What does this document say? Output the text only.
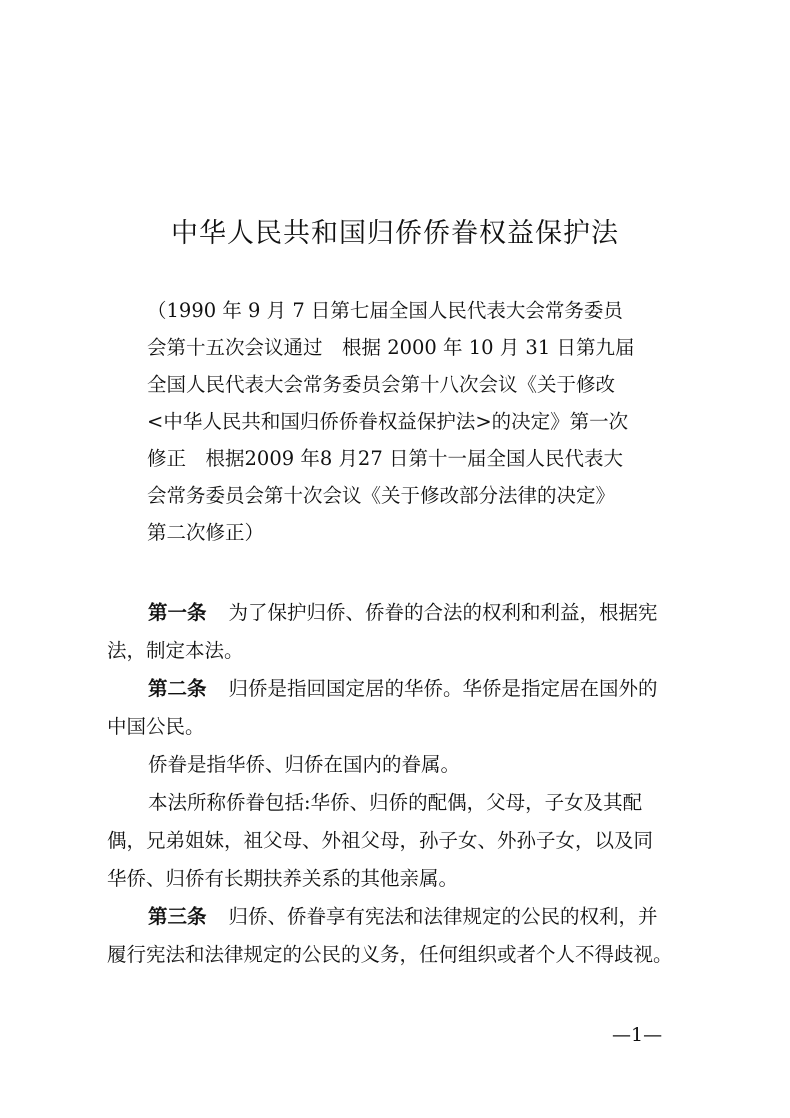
中华人民共和国归侨侨眷权益保护法
（1990 年 9 月 7 日第七届全国人民代表大会常务委员
会第十五次会议通过　根据 2000 年 10 月 31 日第九届
全国人民代表大会常务委员会第十八次会议《关于修改
<中华人民共和国归侨侨眷权益保护法>的决定》第一次
修正　根据2009 年8 月27 日第十一届全国人民代表大
会常务委员会第十次会议《关于修改部分法律的决定》
第二次修正）
第一条 为了保护归侨、侨眷的合法的权利和利益，根据宪
法，制定本法。
第二条 归侨是指回国定居的华侨。华侨是指定居在国外的
中国公民。
侨眷是指华侨、归侨在国内的眷属。
本法所称侨眷包括:华侨、归侨的配偶，父母，子女及其配
偶，兄弟姐妹，祖父母、外祖父母，孙子女、外孙子女，以及同
华侨、归侨有长期扶养关系的其他亲属。
第三条 归侨、侨眷享有宪法和法律规定的公民的权利，并
履行宪法和法律规定的公民的义务，任何组织或者个人不得歧视。
—1—
